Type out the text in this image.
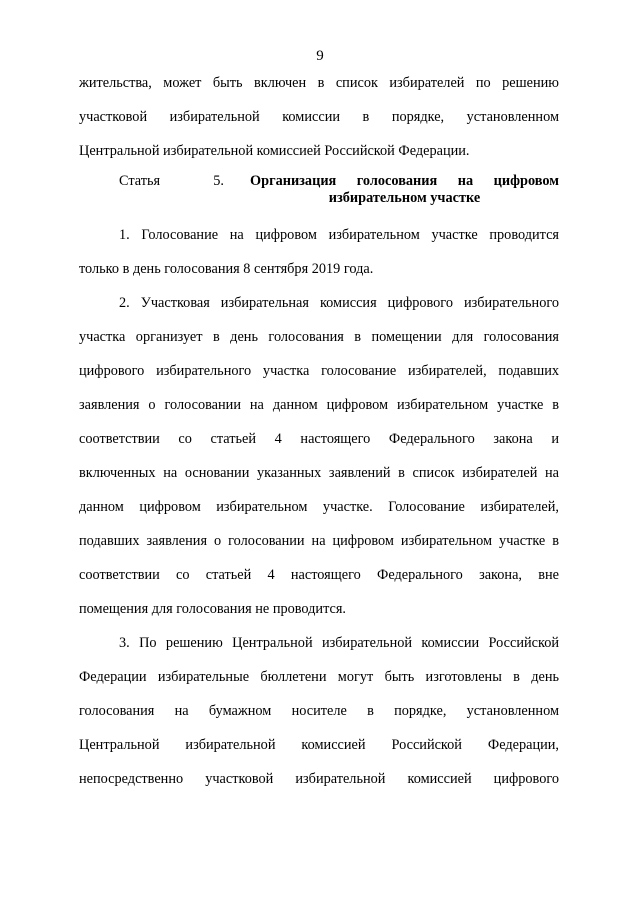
9
жительства, может быть включен в список избирателей по решению
участковой избирательной комиссии в порядке, установленном
Центральной избирательной комиссией Российской Федерации.
Статья	5. Организация голосования на цифровом
избирательном участке
1. Голосование на цифровом избирательном участке проводится
только в день голосования 8 сентября 2019 года.
2. Участковая избирательная комиссия цифрового избирательного
участка организует в день голосования в помещении для голосования
цифрового избирательного участка голосование избирателей, подавших
заявления о голосовании на данном цифровом избирательном участке в
соответствии со статьей 4 настоящего Федерального закона и
включенных на основании указанных заявлений в список избирателей на
данном цифровом избирательном участке. Голосование избирателей,
подавших заявления о голосовании на цифровом избирательном участке в
соответствии со статьей 4 настоящего Федерального закона, вне
помещения для голосования не проводится.
3. По решению Центральной избирательной комиссии Российской
Федерации избирательные бюллетени могут быть изготовлены в день
голосования на бумажном носителе в порядке, установленном
Центральной избирательной комиссией Российской Федерации,
непосредственно участковой избирательной комиссией цифрового
